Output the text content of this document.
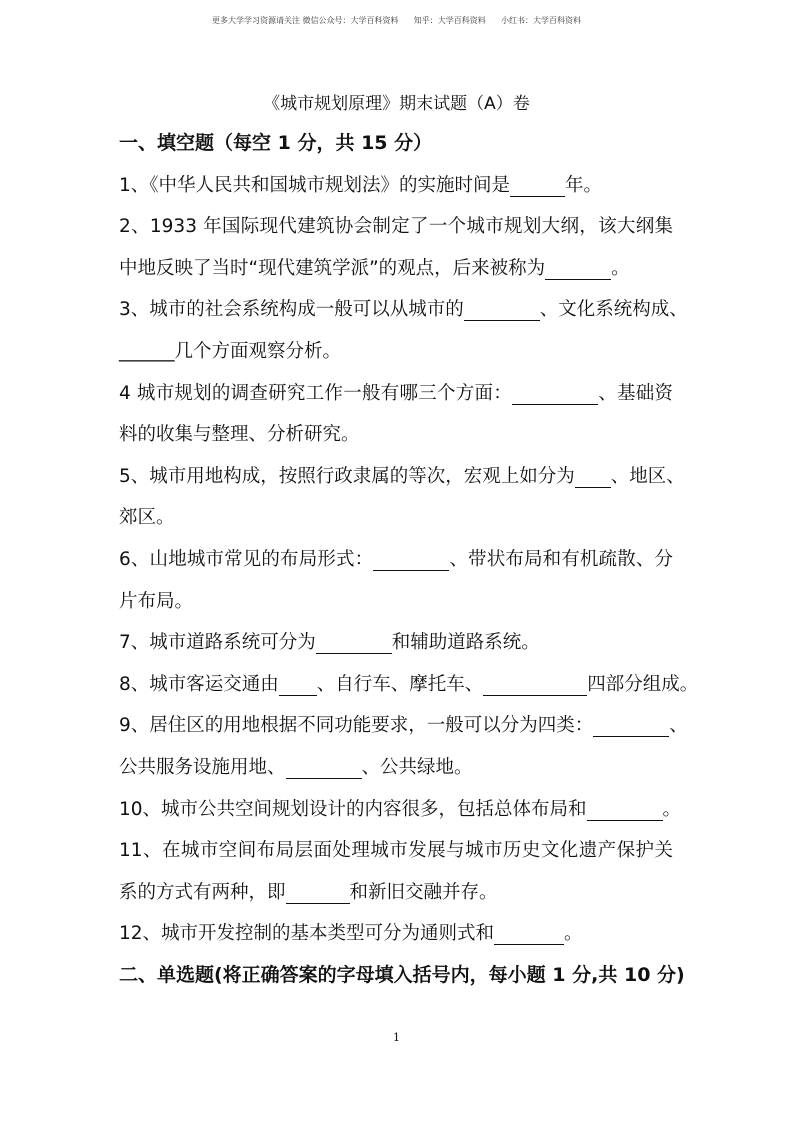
更多大学学习资源请关注 微信公众号：大学百科资料      知乎：大学百科资料      小红书：大学百科资料
《城市规划原理》期末试题（A）卷
一、填空题（每空 1 分，共 15 分）
1、《中华人民共和国城市规划法》的实施时间是	年。
2、1933 年国际现代建筑协会制定了一个城市规划大纲，该大纲集
中地反映了当时“现代建筑学派”的观点，后来被称为	。
3、城市的社会系统构成一般可以从城市的	、文化系统构成、
______几个方面观察分析。
4 城市规划的调查研究工作一般有哪三个方面：	、基础资
料的收集与整理、分析研究。
5、城市用地构成，按照行政隶属的等次，宏观上如分为 、地区、
郊区。
6、山地城市常见的布局形式：	、带状布局和有机疏散、分
片布局。
7、城市道路系统可分为	和辅助道路系统。
8、城市客运交通由 、自行车、摩托车、	四部分组成。
9、居住区的用地根据不同功能要求，一般可以分为四类：	、
公共服务设施用地、	、公共绿地。
10、城市公共空间规划设计的内容很多，包括总体布局和	。
11、在城市空间布局层面处理城市发展与城市历史文化遗产保护关
系的方式有两种，即	和新旧交融并存。
12、城市开发控制的基本类型可分为通则式和	。
二、单选题(将正确答案的字母填入括号内，每小题 1 分,共 10 分)
1
